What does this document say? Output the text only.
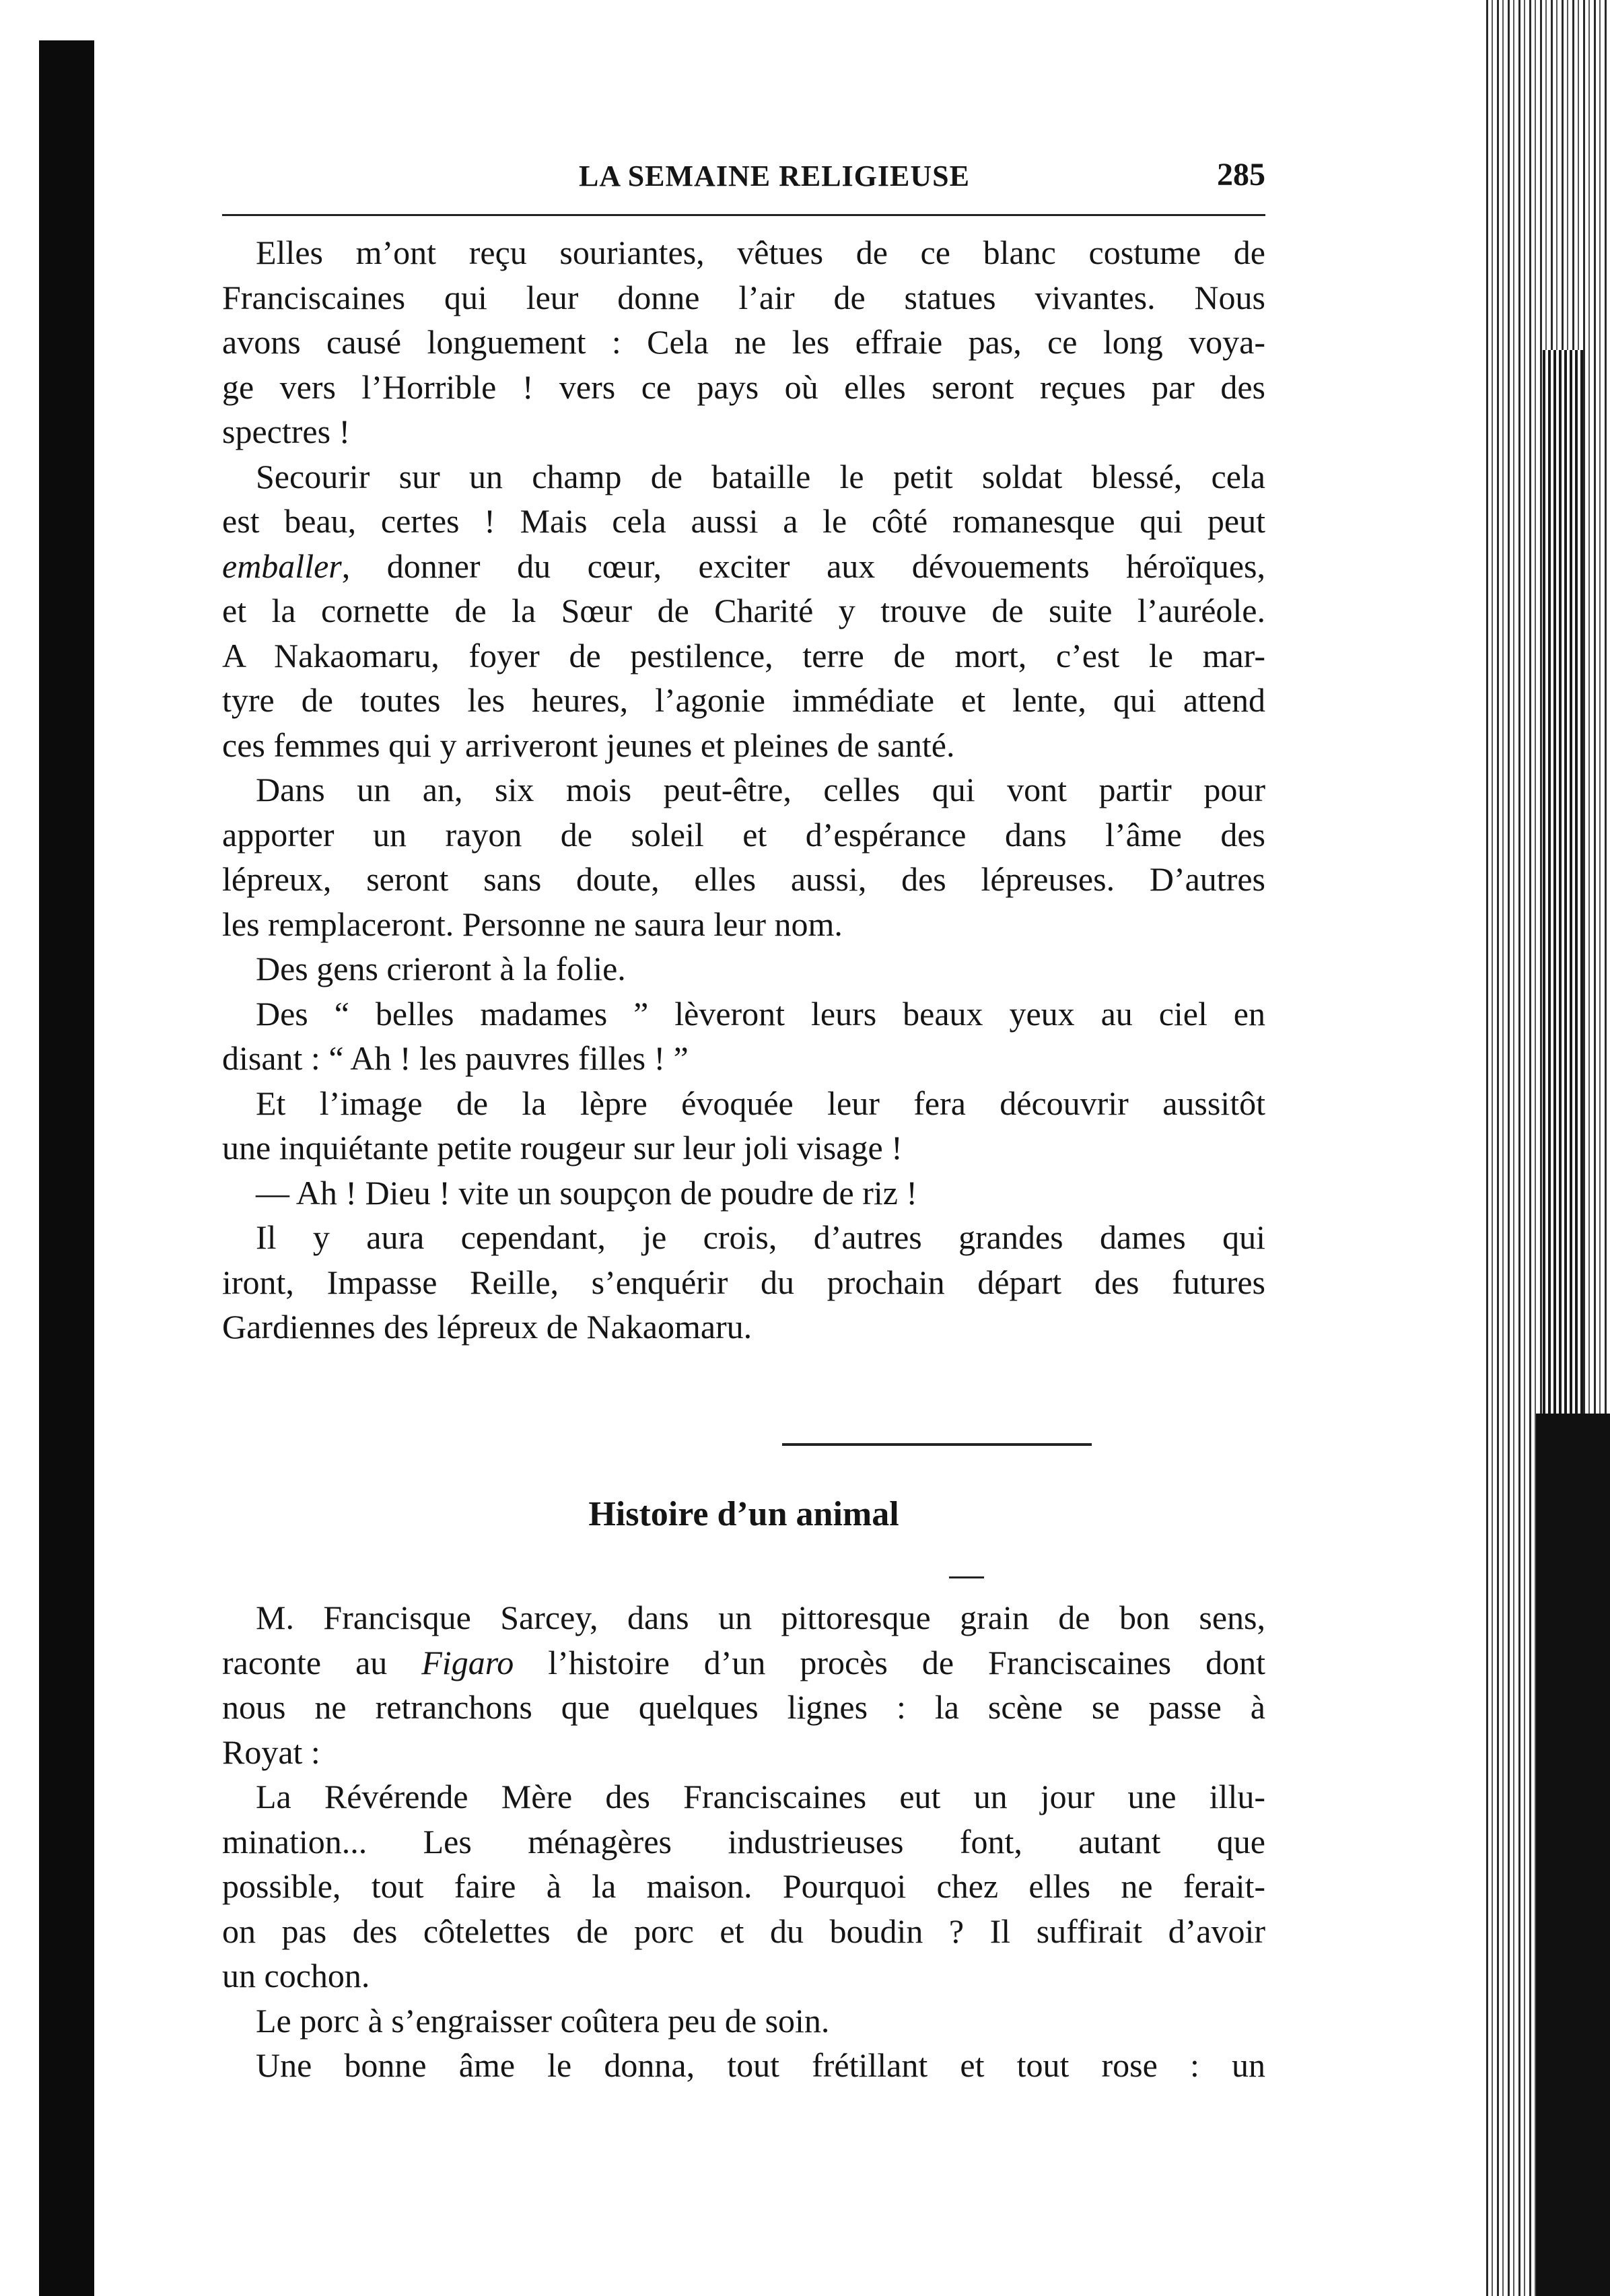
LA SEMAINE RELIGIEUSE	285
Elles m’ont reçu souriantes, vêtues de ce blanc costume de
Franciscaines qui leur donne l’air de statues vivantes. Nous
avons causé longuement : Cela ne les effraie pas, ce long voya-
ge vers l’Horrible ! vers ce pays où elles seront reçues par des
spectres !
Secourir sur un champ de bataille le petit soldat blessé, cela
est beau, certes ! Mais cela aussi a le côté romanesque qui peut
emballer, donner du cœur, exciter aux dévouements héroïques,
et la cornette de la Sœur de Charité y trouve de suite l’auréole.
A Nakaomaru, foyer de pestilence, terre de mort, c’est le mar-
tyre de toutes les heures, l’agonie immédiate et lente, qui attend
ces femmes qui y arriveront jeunes et pleines de santé.
Dans un an, six mois peut-être, celles qui vont partir pour
apporter un rayon de soleil et d’espérance dans l’âme des
lépreux, seront sans doute, elles aussi, des lépreuses. D’autres
les remplaceront. Personne ne saura leur nom.
Des gens crieront à la folie.
Des “ belles madames ” lèveront leurs beaux yeux au ciel en
disant : “ Ah ! les pauvres filles ! ”
Et l’image de la lèpre évoquée leur fera découvrir aussitôt
une inquiétante petite rougeur sur leur joli visage !
— Ah ! Dieu ! vite un soupçon de poudre de riz !
Il y aura cependant, je crois, d’autres grandes dames qui
iront, Impasse Reille, s’enquérir du prochain départ des futures
Gardiennes des lépreux de Nakaomaru.
Histoire d’un animal
M. Francisque Sarcey, dans un pittoresque grain de bon sens,
raconte au Figaro l’histoire d’un procès de Franciscaines dont
nous ne retranchons que quelques lignes : la scène se passe à
Royat :
La Révérende Mère des Franciscaines eut un jour une illu-
mination... Les ménagères industrieuses font, autant que
possible, tout faire à la maison. Pourquoi chez elles ne ferait-
on pas des côtelettes de porc et du boudin ? Il suffirait d’avoir
un cochon.
Le porc à s’engraisser coûtera peu de soin.
Une bonne âme le donna, tout frétillant et tout rose : un
